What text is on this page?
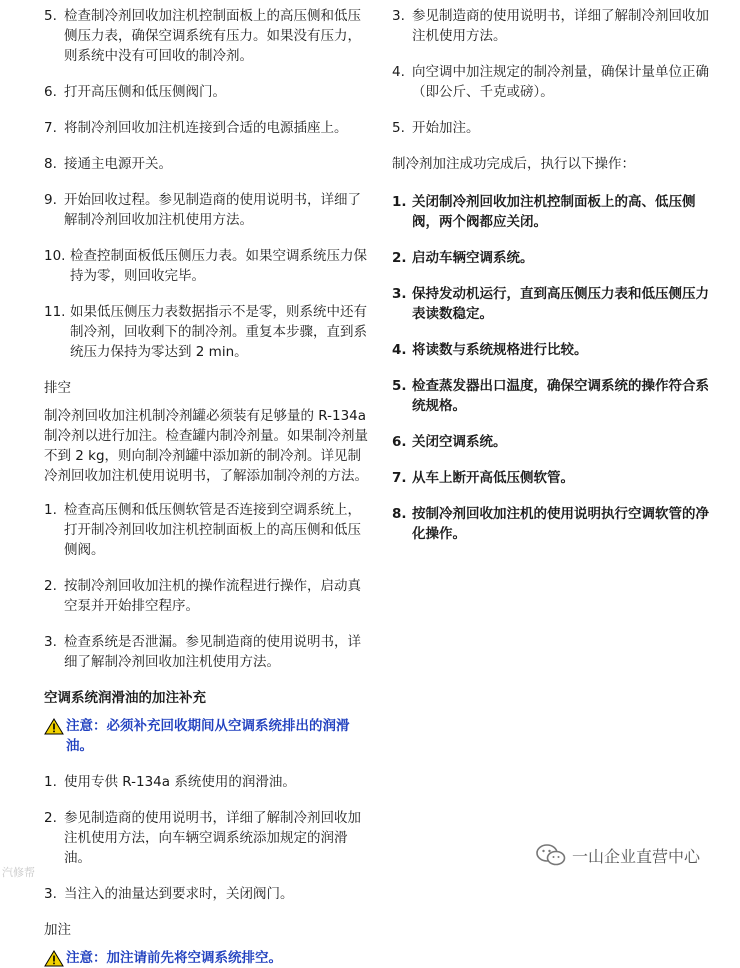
5. 检查制冷剂回收加注机控制面板上的高压侧和低压侧压力表，确保空调系统有压力。如果没有压力，则系统中没有可回收的制冷剂。
6. 打开高压侧和低压侧阀门。
7. 将制冷剂回收加注机连接到合适的电源插座上。
8. 接通主电源开关。
9. 开始回收过程。参见制造商的使用说明书，详细了解制冷剂回收加注机使用方法。
10. 检查控制面板低压侧压力表。如果空调系统压力保持为零，则回收完毕。
11. 如果低压侧压力表数据指示不是零，则系统中还有制冷剂，回收剩下的制冷剂。重复本步骤，直到系统压力保持为零达到 2 min。
排空
制冷剂回收加注机制冷剂罐必须装有足够量的 R-134a 制冷剂以进行加注。检查罐内制冷剂量。如果制冷剂量不到 2 kg，则向制冷剂罐中添加新的制冷剂。详见制冷剂回收加注机使用说明书，了解添加制冷剂的方法。
1. 检查高压侧和低压侧软管是否连接到空调系统上，打开制冷剂回收加注机控制面板上的高压侧和低压侧阀。
2. 按制冷剂回收加注机的操作流程进行操作，启动真空泵并开始排空程序。
3. 检查系统是否泄漏。参见制造商的使用说明书，详细了解制冷剂回收加注机使用方法。
空调系统润滑油的加注补充
注意：必须补充回收期间从空调系统排出的润滑油。
1. 使用专供 R-134a 系统使用的润滑油。
2. 参见制造商的使用说明书，详细了解制冷剂回收加注机使用方法，向车辆空调系统添加规定的润滑油。
3. 当注入的油量达到要求时，关闭阀门。
加注
注意：加注请前先将空调系统排空。
3. 参见制造商的使用说明书，详细了解制冷剂回收加注机使用方法。
4. 向空调中加注规定的制冷剂量，确保计量单位正确（即公斤、千克或磅）。
5. 开始加注。
制冷剂加注成功完成后，执行以下操作：
1. 关闭制冷剂回收加注机控制面板上的高、低压侧阀，两个阀都应关闭。
2. 启动车辆空调系统。
3. 保持发动机运行，直到高压侧压力表和低压侧压力表读数稳定。
4. 将读数与系统规格进行比较。
5. 检查蒸发器出口温度，确保空调系统的操作符合系统规格。
6. 关闭空调系统。
7. 从车上断开高低压侧软管。
8. 按制冷剂回收加注机的使用说明执行空调软管的净化操作。
汽修帮
一山企业直营中心
